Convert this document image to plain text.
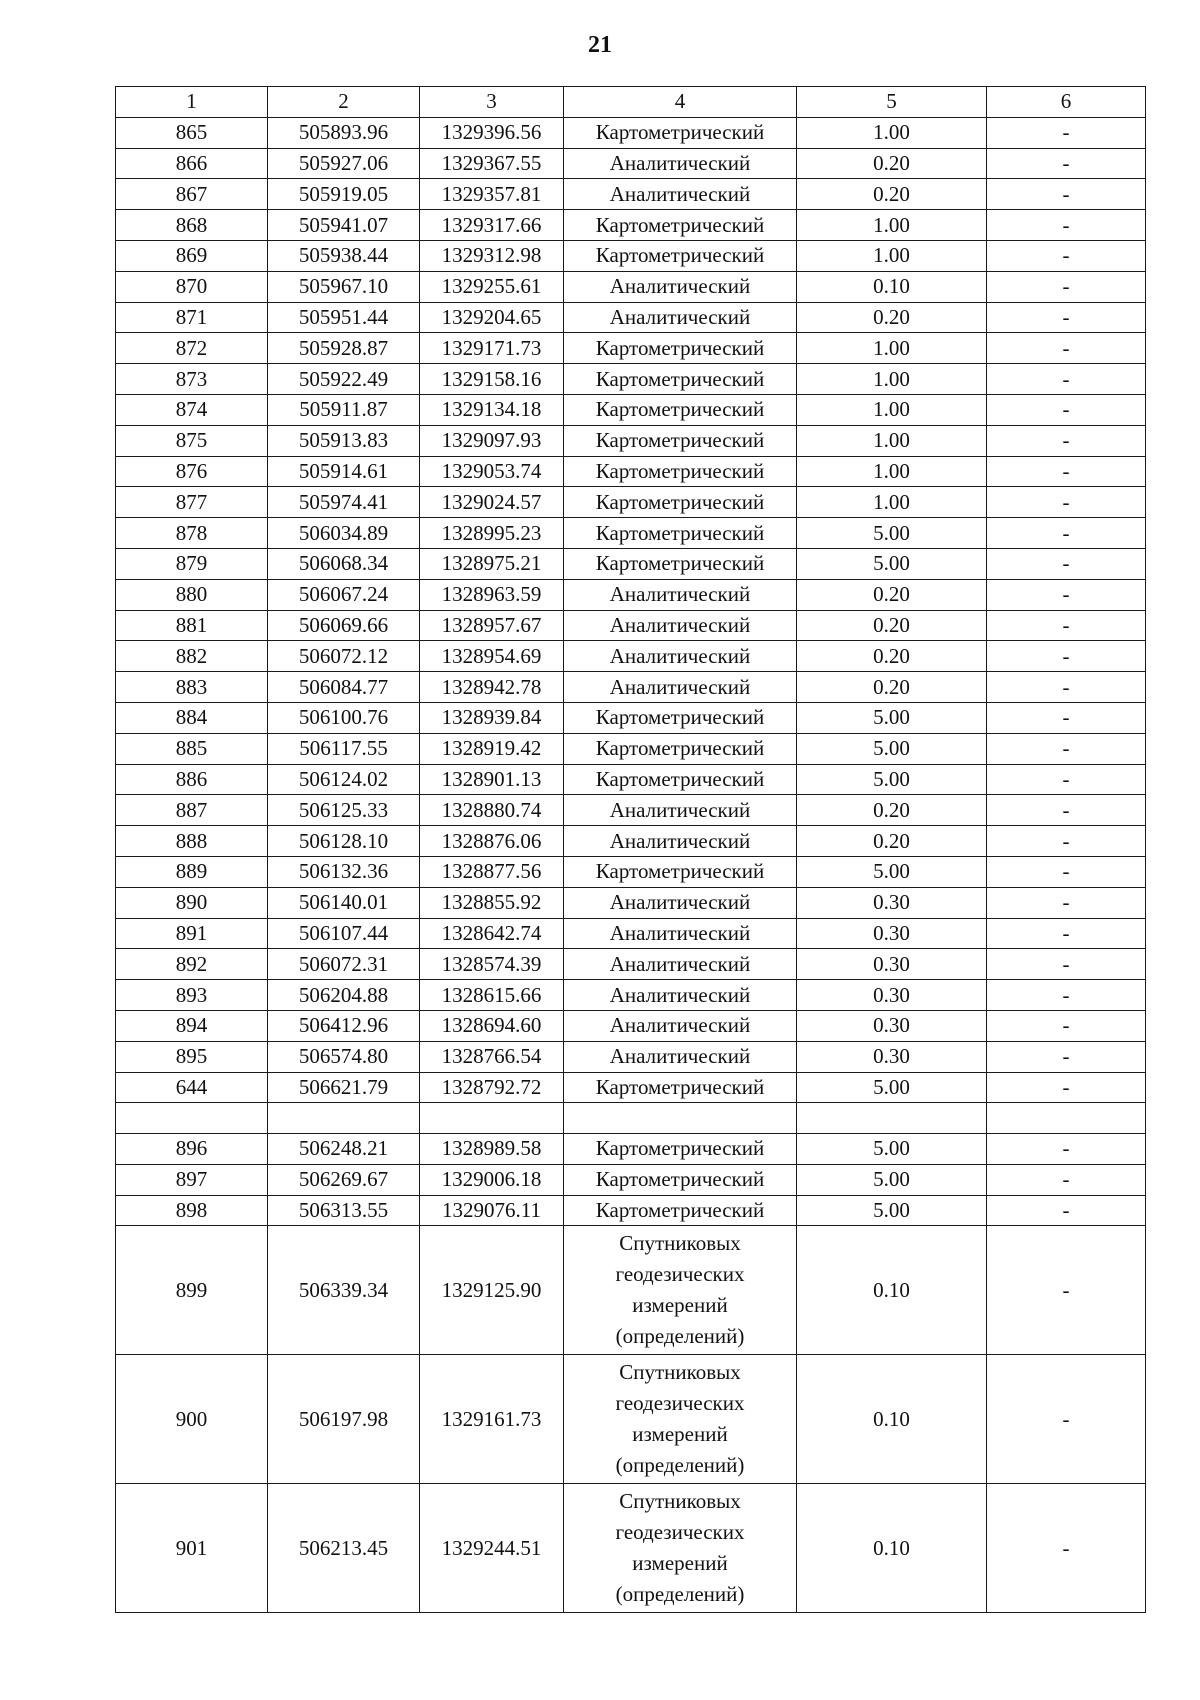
21
1	2	3	4	5	6
865	505893.96	1329396.56	Картометрический	1.00	-
866	505927.06	1329367.55	Аналитический	0.20	-
867	505919.05	1329357.81	Аналитический	0.20	-
868	505941.07	1329317.66	Картометрический	1.00	-
869	505938.44	1329312.98	Картометрический	1.00	-
870	505967.10	1329255.61	Аналитический	0.10	-
871	505951.44	1329204.65	Аналитический	0.20	-
872	505928.87	1329171.73	Картометрический	1.00	-
873	505922.49	1329158.16	Картометрический	1.00	-
874	505911.87	1329134.18	Картометрический	1.00	-
875	505913.83	1329097.93	Картометрический	1.00	-
876	505914.61	1329053.74	Картометрический	1.00	-
877	505974.41	1329024.57	Картометрический	1.00	-
878	506034.89	1328995.23	Картометрический	5.00	-
879	506068.34	1328975.21	Картометрический	5.00	-
880	506067.24	1328963.59	Аналитический	0.20	-
881	506069.66	1328957.67	Аналитический	0.20	-
882	506072.12	1328954.69	Аналитический	0.20	-
883	506084.77	1328942.78	Аналитический	0.20	-
884	506100.76	1328939.84	Картометрический	5.00	-
885	506117.55	1328919.42	Картометрический	5.00	-
886	506124.02	1328901.13	Картометрический	5.00	-
887	506125.33	1328880.74	Аналитический	0.20	-
888	506128.10	1328876.06	Аналитический	0.20	-
889	506132.36	1328877.56	Картометрический	5.00	-
890	506140.01	1328855.92	Аналитический	0.30	-
891	506107.44	1328642.74	Аналитический	0.30	-
892	506072.31	1328574.39	Аналитический	0.30	-
893	506204.88	1328615.66	Аналитический	0.30	-
894	506412.96	1328694.60	Аналитический	0.30	-
895	506574.80	1328766.54	Аналитический	0.30	-
644	506621.79	1328792.72	Картометрический	5.00	-

896	506248.21	1328989.58	Картометрический	5.00	-
897	506269.67	1329006.18	Картометрический	5.00	-
898	506313.55	1329076.11	Картометрический	5.00	-
899	506339.34	1329125.90	Спутниковых геодезических измерений (определений)	0.10	-
900	506197.98	1329161.73	Спутниковых геодезических измерений (определений)	0.10	-
901	506213.45	1329244.51	Спутниковых геодезических измерений (определений)	0.10	-
